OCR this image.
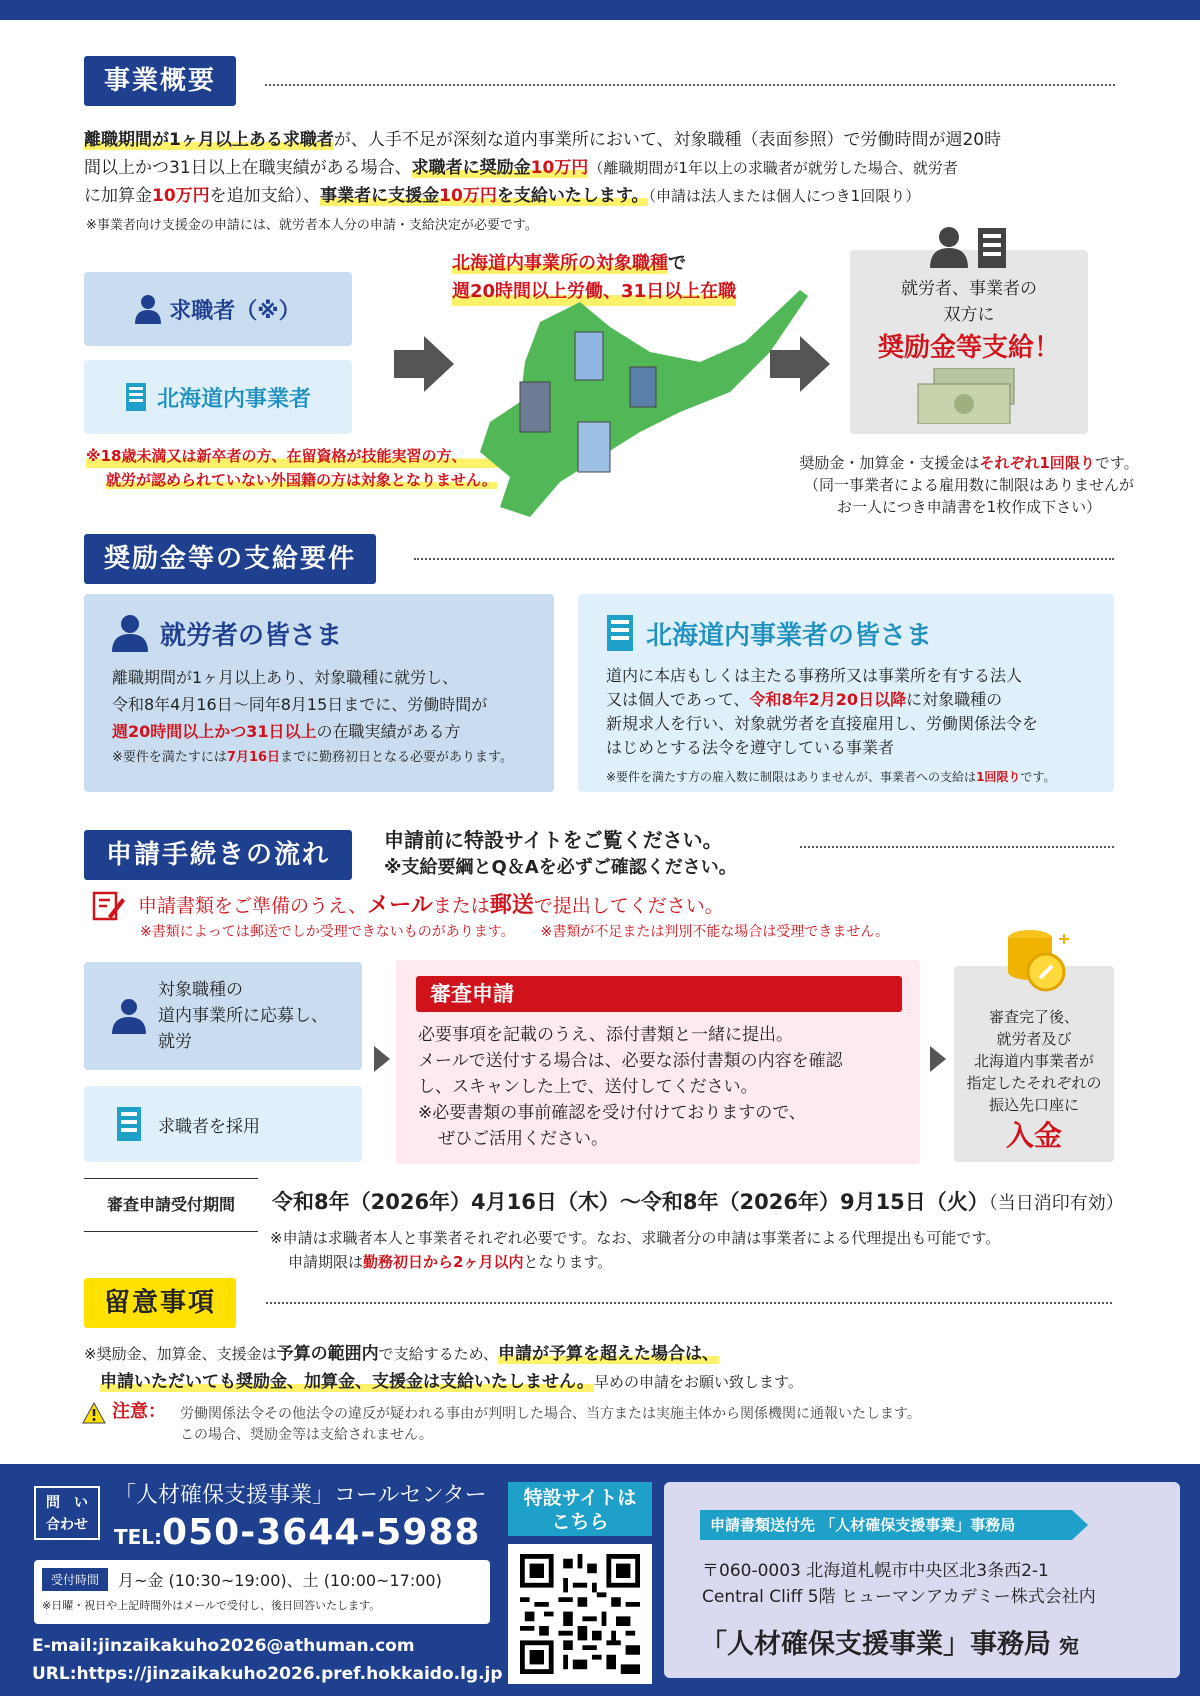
事業概要
離職期間が1ヶ月以上ある求職者が、人手不足が深刻な道内事業所において、対象職種（表面参照）で労働時間が週20時
間以上かつ31日以上在職実績がある場合、求職者に奨励金10万円（離職期間が1年以上の求職者が就労した場合、就労者
に加算金10万円を追加支給）、事業者に支援金10万円を支給いたします。（申請は法人または個人につき1回限り）
※事業者向け支援金の申請には、就労者本人分の申請・支給決定が必要です。
求職者（※）
北海道内事業者
※18歳未満又は新卒者の方、在留資格が技能実習の方、
就労が認められていない外国籍の方は対象となりません。
北海道内事業所の対象職種で
週20時間以上労働、31日以上在職	就労者、事業者の
双方に
奨励金等支給！
奨励金・加算金・支援金はそれぞれ1回限りです。
（同一事業者による雇用数に制限はありませんが
お一人につき申請書を1枚作成下さい）
奨励金等の支給要件
就労者の皆さま
離職期間が1ヶ月以上あり、対象職種に就労し、
令和8年4月16日〜同年8月15日までに、労働時間が
週20時間以上かつ31日以上の在職実績がある方
※要件を満たすには7月16日までに勤務初日となる必要があります。
北海道内事業者の皆さま
道内に本店もしくは主たる事務所又は事業所を有する法人
又は個人であって、令和8年2月20日以降に対象職種の
新規求人を行い、対象就労者を直接雇用し、労働関係法令を
はじめとする法令を遵守している事業者
※要件を満たす方の雇入数に制限はありませんが、事業者への支給は1回限りです。
申請手続きの流れ	申請前に特設サイトをご覧ください。
※支給要綱とQ＆Aを必ずご確認ください。
申請書類をご準備のうえ、メールまたは郵送で提出してください。
※書類によっては郵送でしか受理できないものがあります。 ※書類が不足または判別不能な場合は受理できません。
対象職種の
道内事業所に応募し、
就労
求職者を採用
審査申請
必要事項を記載のうえ、添付書類と一緒に提出。
メールで送付する場合は、必要な添付書類の内容を確認
し、スキャンした上で、送付してください。
※必要書類の事前確認を受け付けておりますので、
ぜひご活用ください。
審査完了後、
就労者及び
北海道内事業者が
指定したそれぞれの
振込先口座に
入金
審査申請受付期間	令和8年（2026年）4月16日（木）〜令和8年（2026年）9月15日（火）（当日消印有効）
※申請は求職者本人と事業者それぞれ必要です。なお、求職者分の申請は事業者による代理提出も可能です。
申請期限は勤務初日から2ヶ月以内となります。
留意事項
※奨励金、加算金、支援金は予算の範囲内で支給するため、申請が予算を超えた場合は、
申請いただいても奨励金、加算金、支援金は支給いたしません。早めの申請をお願い致します。
注意： 労働関係法令その他法令の違反が疑われる事由が判明した場合、当方または実施主体から関係機関に通報いたします。
この場合、奨励金等は支給されません。
問　い
合わせ
「人材確保支援事業」コールセンター
TEL:050-3644-5988
受付時間	月~金 (10:30~19:00)、土 (10:00~17:00)
※日曜・祝日や上記時間外はメールで受付し、後日回答いたします。
E-mail:jinzaikakuho2026@athuman.com
URL:https://jinzaikakuho2026.pref.hokkaido.lg.jp
特設サイトは
こちら	申請書類送付先 「人材確保支援事業」事務局
〒060-0003 北海道札幌市中央区北3条西2-1
Central Cliff 5階 ヒューマンアカデミー株式会社内
「人材確保支援事業」事務局 宛
